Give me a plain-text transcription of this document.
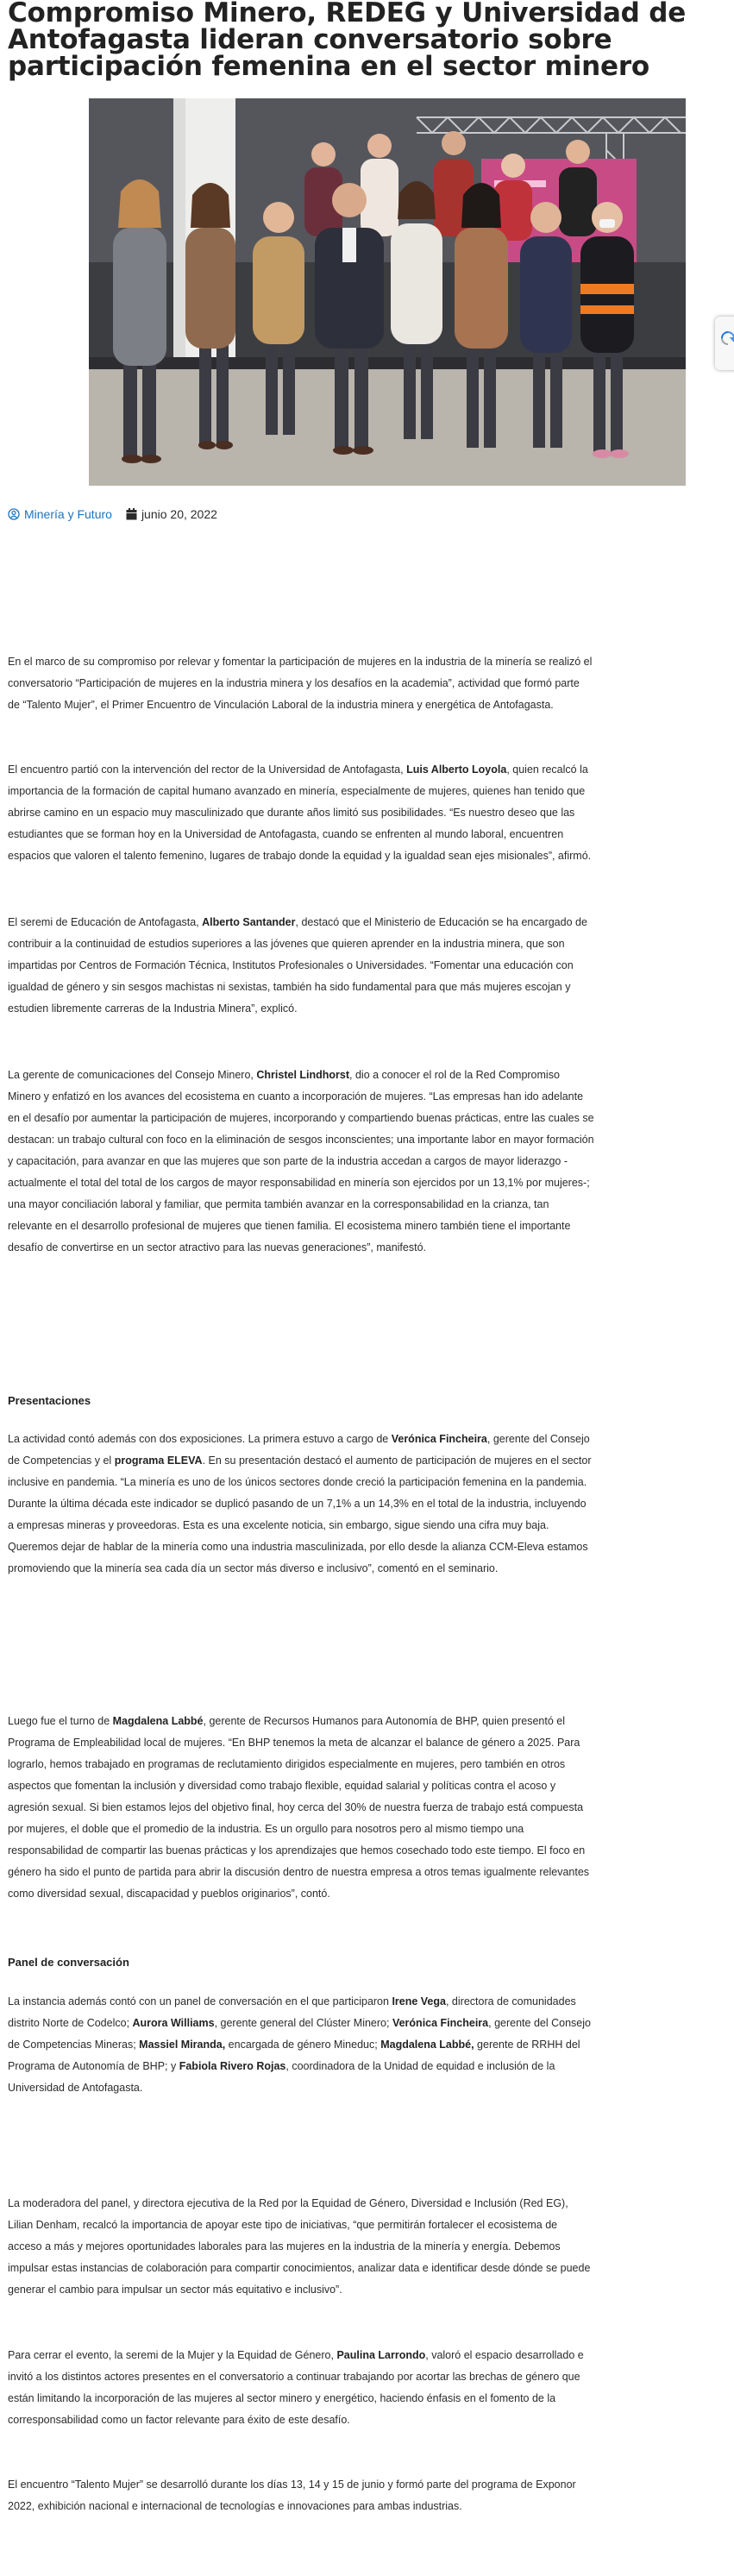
Compromiso Minero, REDEG y Universidad de Antofagasta lideran conversatorio sobre participación femenina en el sector minero
Minería y Futuro junio 20, 2022

En el marco de su compromiso por relevar y fomentar la participación de mujeres en la industria de la minería se realizó el conversatorio “Participación de mujeres en la industria minera y los desafíos en la academia”, actividad que formó parte de “Talento Mujer”, el Primer Encuentro de Vinculación Laboral de la industria minera y energética de Antofagasta.

El encuentro partió con la intervención del rector de la Universidad de Antofagasta, Luis Alberto Loyola, quien recalcó la importancia de la formación de capital humano avanzado en minería, especialmente de mujeres, quienes han tenido que abrirse camino en un espacio muy masculinizado que durante años limitó sus posibilidades. “Es nuestro deseo que las estudiantes que se forman hoy en la Universidad de Antofagasta, cuando se enfrenten al mundo laboral, encuentren espacios que valoren el talento femenino, lugares de trabajo donde la equidad y la igualdad sean ejes misionales”, afirmó.

El seremi de Educación de Antofagasta, Alberto Santander, destacó que el Ministerio de Educación se ha encargado de contribuir a la continuidad de estudios superiores a las jóvenes que quieren aprender en la industria minera, que son impartidas por Centros de Formación Técnica, Institutos Profesionales o Universidades. “Fomentar una educación con igualdad de género y sin sesgos machistas ni sexistas, también ha sido fundamental para que más mujeres escojan y estudien libremente carreras de la Industria Minera”, explicó.

La gerente de comunicaciones del Consejo Minero, Christel Lindhorst, dio a conocer el rol de la Red Compromiso Minero y enfatizó en los avances del ecosistema en cuanto a incorporación de mujeres. “Las empresas han ido adelante en el desafío por aumentar la participación de mujeres, incorporando y compartiendo buenas prácticas, entre las cuales se destacan: un trabajo cultural con foco en la eliminación de sesgos inconscientes; una importante labor en mayor formación y capacitación, para avanzar en que las mujeres que son parte de la industria accedan a cargos de mayor liderazgo -actualmente el total del total de los cargos de mayor responsabilidad en minería son ejercidos por un 13,1% por mujeres-; una mayor conciliación laboral y familiar, que permita también avanzar en la corresponsabilidad en la crianza, tan relevante en el desarrollo profesional de mujeres que tienen familia. El ecosistema minero también tiene el importante desafío de convertirse en un sector atractivo para las nuevas generaciones”, manifestó.

Presentaciones

La actividad contó además con dos exposiciones. La primera estuvo a cargo de Verónica Fincheira, gerente del Consejo de Competencias y el programa ELEVA. En su presentación destacó el aumento de participación de mujeres en el sector inclusive en pandemia. “La minería es uno de los únicos sectores donde creció la participación femenina en la pandemia. Durante la última década este indicador se duplicó pasando de un 7,1% a un 14,3% en el total de la industria, incluyendo a empresas mineras y proveedoras. Esta es una excelente noticia, sin embargo, sigue siendo una cifra muy baja. Queremos dejar de hablar de la minería como una industria masculinizada, por ello desde la alianza CCM-Eleva estamos promoviendo que la minería sea cada día un sector más diverso e inclusivo”, comentó en el seminario.

Luego fue el turno de Magdalena Labbé, gerente de Recursos Humanos para Autonomía de BHP, quien presentó el Programa de Empleabilidad local de mujeres. “En BHP tenemos la meta de alcanzar el balance de género a 2025. Para lograrlo, hemos trabajado en programas de reclutamiento dirigidos especialmente en mujeres, pero también en otros aspectos que fomentan la inclusión y diversidad como trabajo flexible, equidad salarial y políticas contra el acoso y agresión sexual. Si bien estamos lejos del objetivo final, hoy cerca del 30% de nuestra fuerza de trabajo está compuesta por mujeres, el doble que el promedio de la industria. Es un orgullo para nosotros pero al mismo tiempo una responsabilidad de compartir las buenas prácticas y los aprendizajes que hemos cosechado todo este tiempo. El foco en género ha sido el punto de partida para abrir la discusión dentro de nuestra empresa a otros temas igualmente relevantes como diversidad sexual, discapacidad y pueblos originarios”, contó.

Panel de conversación

La instancia además contó con un panel de conversación en el que participaron Irene Vega, directora de comunidades distrito Norte de Codelco; Aurora Williams, gerente general del Clúster Minero; Verónica Fincheira, gerente del Consejo de Competencias Mineras; Massiel Miranda, encargada de género Mineduc; Magdalena Labbé, gerente de RRHH del Programa de Autonomía de BHP; y Fabiola Rivero Rojas, coordinadora de la Unidad de equidad e inclusión de la Universidad de Antofagasta.

La moderadora del panel, y directora ejecutiva de la Red por la Equidad de Género, Diversidad e Inclusión (Red EG), Lilian Denham, recalcó la importancia de apoyar este tipo de iniciativas, “que permitirán fortalecer el ecosistema de acceso a más y mejores oportunidades laborales para las mujeres en la industria de la minería y energía. Debemos impulsar estas instancias de colaboración para compartir conocimientos, analizar data e identificar desde dónde se puede generar el cambio para impulsar un sector más equitativo e inclusivo”.

Para cerrar el evento, la seremi de la Mujer y la Equidad de Género, Paulina Larrondo, valoró el espacio desarrollado e invitó a los distintos actores presentes en el conversatorio a continuar trabajando por acortar las brechas de género que están limitando la incorporación de las mujeres al sector minero y energético, haciendo énfasis en el fomento de la corresponsabilidad como un factor relevante para éxito de este desafío.

El encuentro “Talento Mujer” se desarrolló durante los días 13, 14 y 15 de junio y formó parte del programa de Exponor 2022, exhibición nacional e internacional de tecnologías e innovaciones para ambas industrias.
